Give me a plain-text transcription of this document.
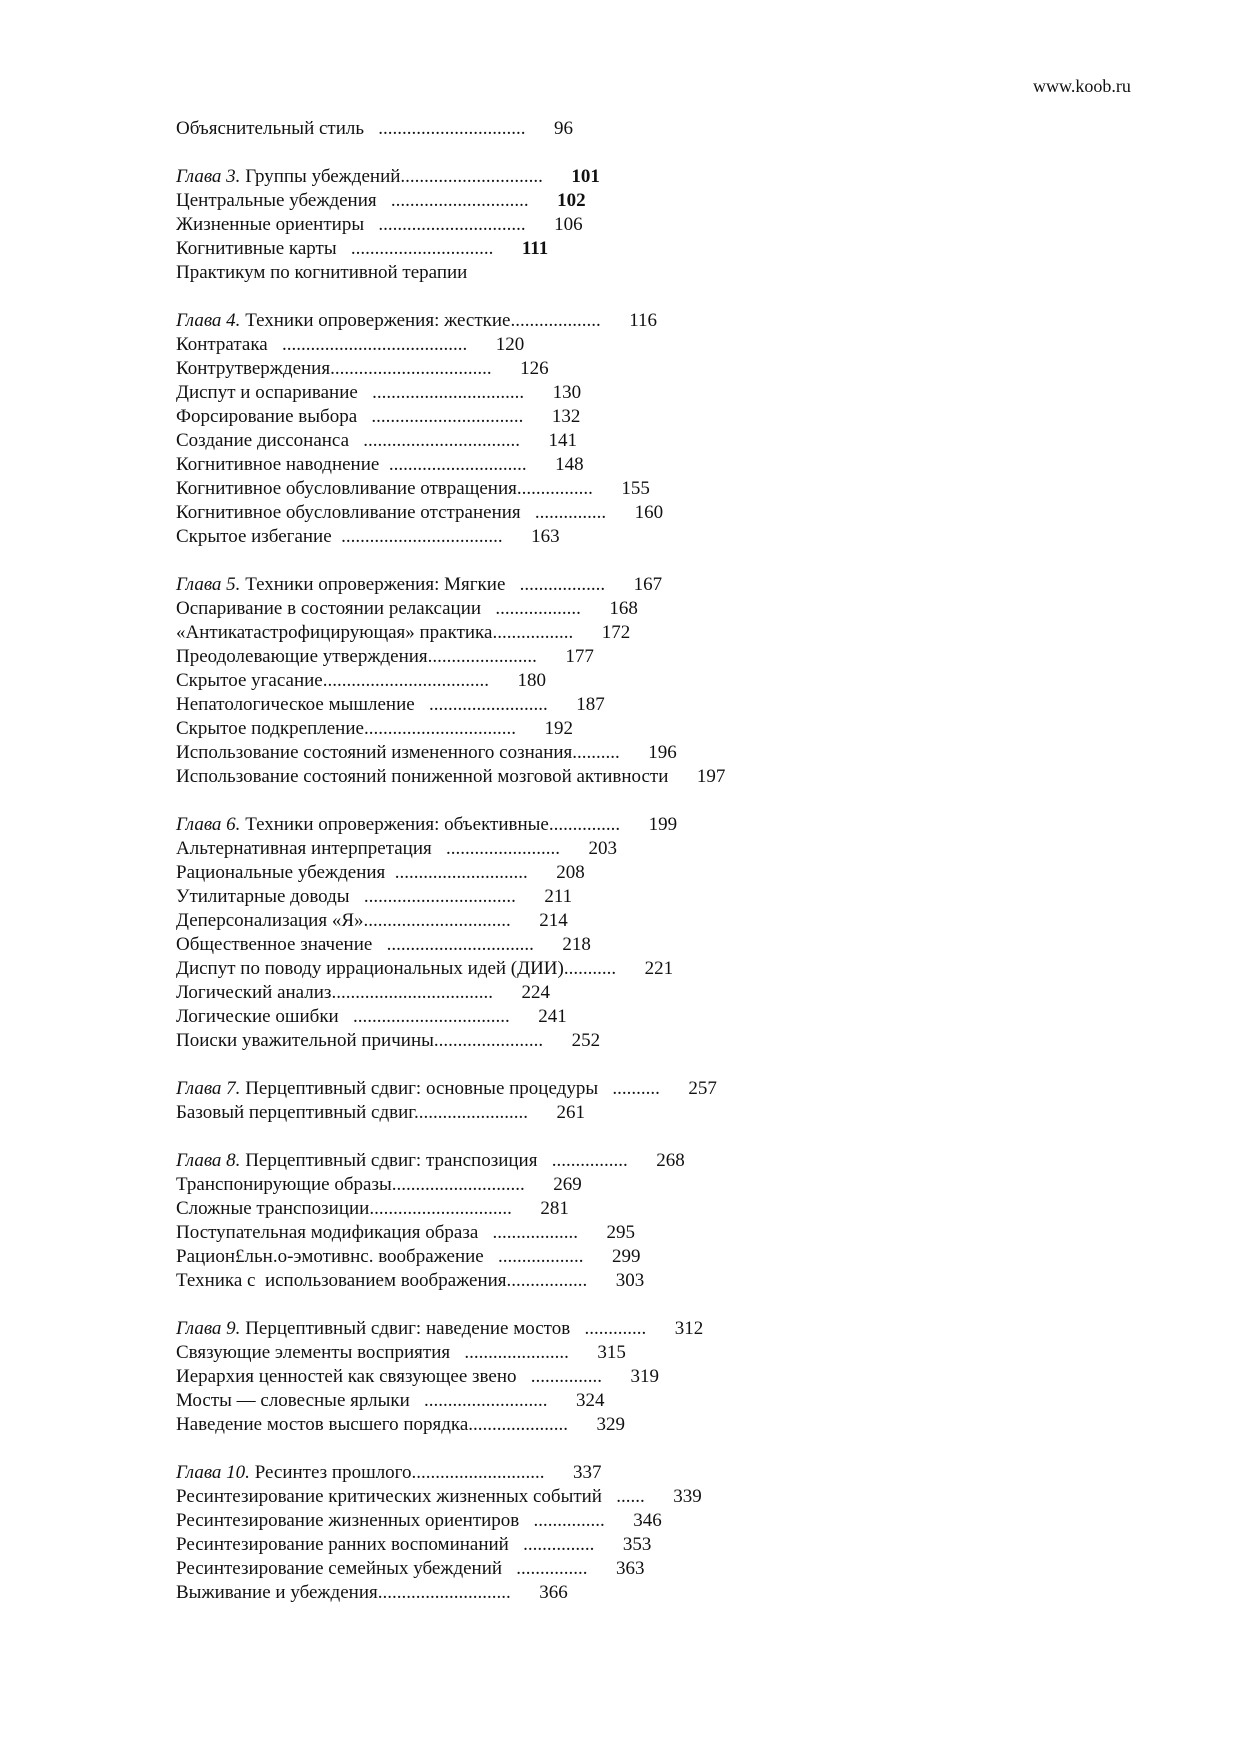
www.koob.ru
Объяснительный стиль   ............................... 96
Глава 3. Группы убеждений.............................. 101
Центральные убеждения   ............................. 102
Жизненные ориентиры   ............................... 106
Когнитивные карты   .............................. 111
Практикум по когнитивной терапии
Глава 4. Техники опровержения: жесткие................... 116
Контратака   ....................................... 120
Контрутверждения.................................. 126
Диспут и оспаривание   ................................ 130
Форсирование выбора   ................................ 132
Создание диссонанса   ................................. 141
Когнитивное наводнение  ............................. 148
Когнитивное обусловливание отвращения................ 155
Когнитивное обусловливание отстранения   ............... 160
Скрытое избегание  .................................. 163
Глава 5. Техники опровержения: Мягкие   .................. 167
Оспаривание в состоянии релаксации   .................. 168
«Антикатастрофицирующая» практика................. 172
Преодолевающие утверждения....................... 177
Скрытое угасание................................... 180
Непатологическое мышление   ......................... 187
Скрытое подкрепление................................ 192
Использование состояний измененного сознания.......... 196
Использование состояний пониженной мозговой активности 197
Глава 6. Техники опровержения: объективные............... 199
Альтернативная интерпретация   ........................ 203
Рациональные убеждения  ............................ 208
Утилитарные доводы   ................................ 211
Деперсонализация «Я»............................... 214
Общественное значение   ............................... 218
Диспут по поводу иррациональных идей (ДИИ)........... 221
Логический анализ.................................. 224
Логические ошибки   ................................. 241
Поиски уважительной причины....................... 252
Глава 7. Перцептивный сдвиг: основные процедуры   .......... 257
Базовый перцептивный сдвиг........................ 261
Глава 8. Перцептивный сдвиг: транспозиция   ................ 268
Транспонирующие образы............................ 269
Сложные транспозиции.............................. 281
Поступательная модификация образа   .................. 295
Рацион£льн.о-эмотивнс. воображение   .................. 299
Техника с  использованием воображения................. 303
Глава 9. Перцептивный сдвиг: наведение мостов   ............. 312
Связующие элементы восприятия   ...................... 315
Иерархия ценностей как связующее звено   ............... 319
Мосты — словесные ярлыки   .......................... 324
Наведение мостов высшего порядка..................... 329
Глава 10. Ресинтез прошлого............................ 337
Ресинтезирование критических жизненных событий   ...... 339
Ресинтезирование жизненных ориентиров   ............... 346
Ресинтезирование ранних воспоминаний   ............... 353
Ресинтезирование семейных убеждений   ............... 363
Выживание и убеждения............................ 366
